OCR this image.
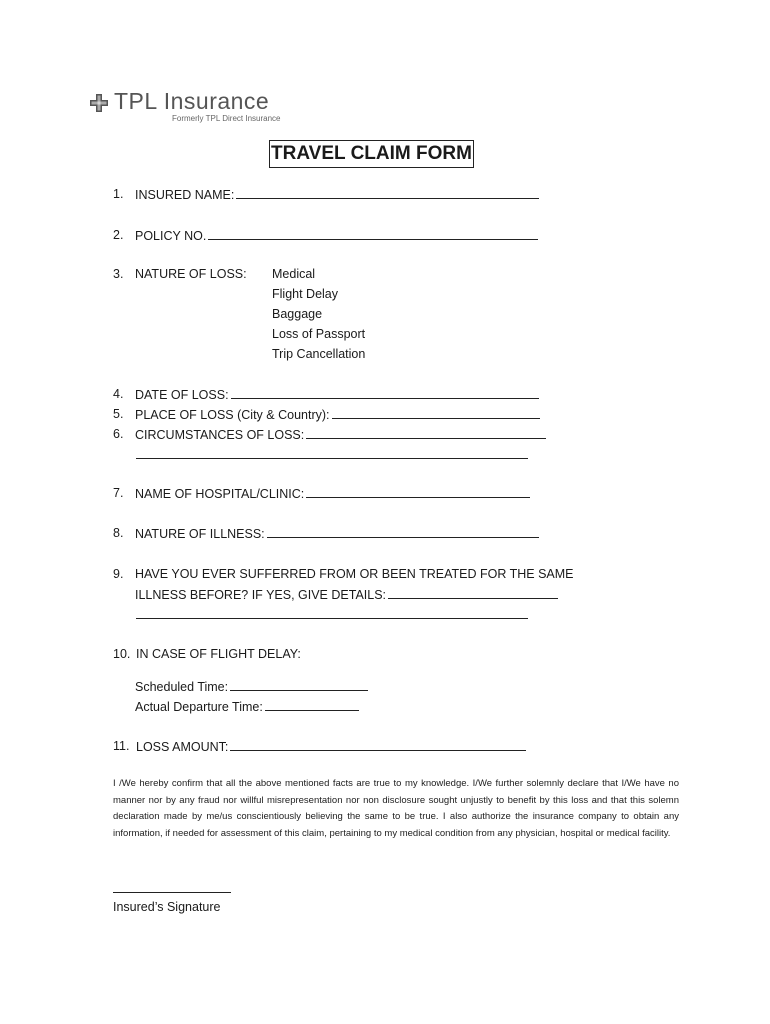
TPL Insurance
Formerly TPL Direct Insurance
TRAVEL CLAIM FORM
1. INSURED NAME:
2. POLICY NO.
3. NATURE OF LOSS: Medical
Flight Delay
Baggage
Loss of Passport
Trip Cancellation
4. DATE OF LOSS:
5. PLACE OF LOSS (City & Country):
6. CIRCUMSTANCES OF LOSS:
7. NAME OF HOSPITAL/CLINIC:
8. NATURE OF ILLNESS:
9. HAVE YOU EVER SUFFERRED FROM OR BEEN TREATED FOR THE SAME
ILLNESS BEFORE? IF YES, GIVE DETAILS:
10. IN CASE OF FLIGHT DELAY:
Scheduled Time:
Actual Departure Time:
11. LOSS AMOUNT:
I /We hereby confirm that all the above mentioned facts are true to my knowledge. I/We further solemnly declare that I/We have no manner nor by any fraud nor willful misrepresentation nor non disclosure sought unjustly to benefit by this loss and that this solemn declaration made by me/us conscientiously believing the same to be true. I also authorize the insurance company to obtain any information, if needed for assessment of this claim, pertaining to my medical condition from any physician, hospital or medical facility.
Insured’s Signature
